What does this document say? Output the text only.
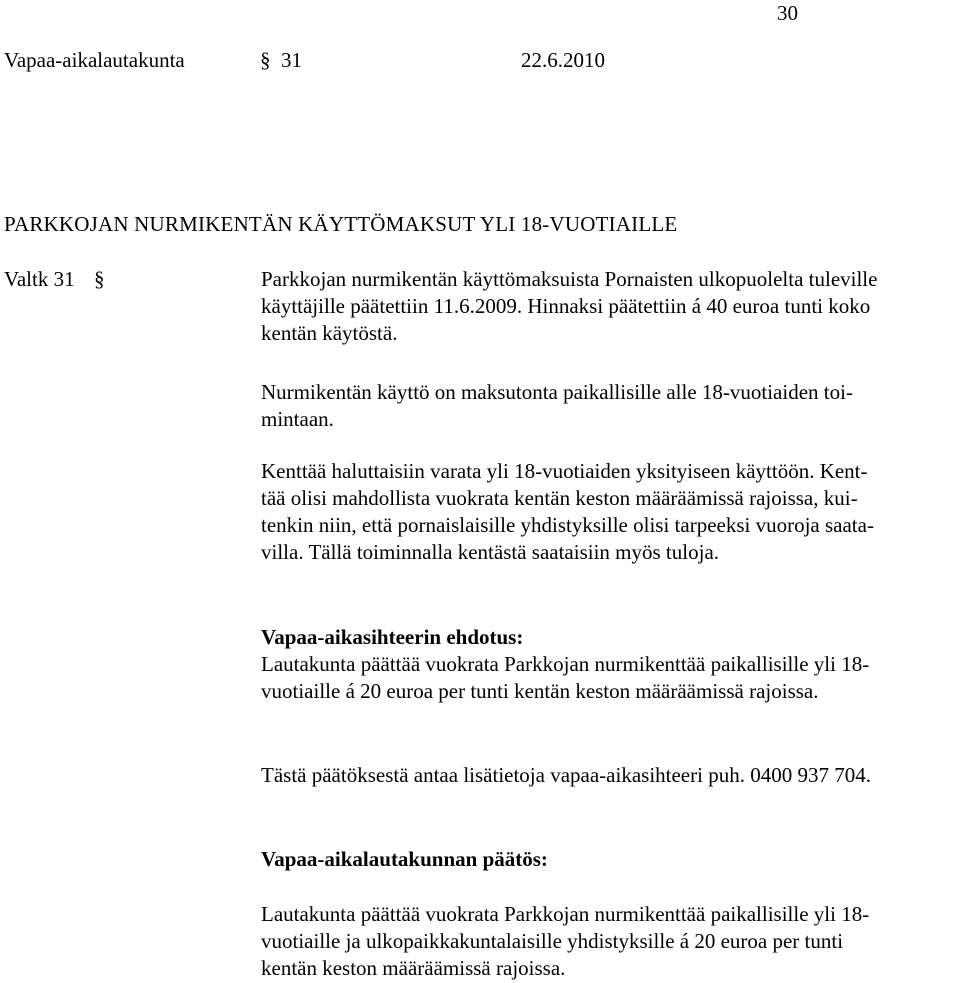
30
Vapaa-aikalautakunta	§ 31	22.6.2010
PARKKOJAN NURMIKENTÄN KÄYTTÖMAKSUT YLI 18-VUOTIAILLE
Valtk 31 §	Parkkojan nurmikentän käyttömaksuista Pornaisten ulkopuolelta tuleville
käyttäjille päätettiin 11.6.2009. Hinnaksi päätettiin á 40 euroa tunti koko
kentän käytöstä.
Nurmikentän käyttö on maksutonta paikallisille alle 18-vuotiaiden toi-
mintaan.
Kenttää haluttaisiin varata yli 18-vuotiaiden yksityiseen käyttöön. Kent-
tää olisi mahdollista vuokrata kentän keston määräämissä rajoissa, kui-
tenkin niin, että pornaislaisille yhdistyksille olisi tarpeeksi vuoroja saata-
villa. Tällä toiminnalla kentästä saataisiin myös tuloja.
Vapaa-aikasihteerin ehdotus:
Lautakunta päättää vuokrata Parkkojan nurmikenttää paikallisille yli 18-
vuotiaille á 20 euroa per tunti kentän keston määräämissä rajoissa.
Tästä päätöksestä antaa lisätietoja vapaa-aikasihteeri puh. 0400 937 704.
Vapaa-aikalautakunnan päätös:
Lautakunta päättää vuokrata Parkkojan nurmikenttää paikallisille yli 18-
vuotiaille ja ulkopaikkakuntalaisille yhdistyksille á 20 euroa per tunti
kentän keston määräämissä rajoissa.
